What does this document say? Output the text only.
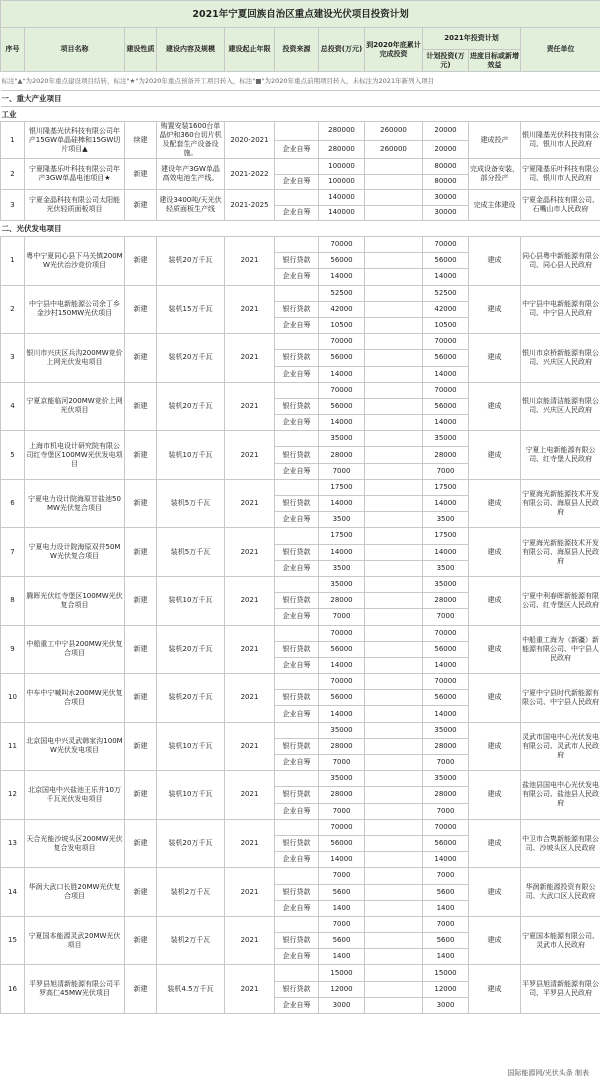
2021年宁夏回族自治区重点建设光伏项目投资计划										
序号	项目名称	建设性质	建设内容及规模	建设起止年限	投资来源	总投资(万元)	到2020年底累计完成投资	2021年投资计划		责任单位
								计划投资(万元)	进度目标或新增效益	
标注"▲"为2020年重点建设项目结转，标注"★"为2020年重点预备开工项目转入，标注"■"为2020年重点前期项目转入，未标注为2021年新列入项目										
一、重大产业项目										
工业										
1	银川隆基光伏科技有限公司年产15GW单晶硅棒和15GW切片项目▲	续建	购置安装1600台单晶炉和360台切片机及配套生产设备设施。	2020-2021		280000	260000	20000	建成投产	银川隆基光伏科技有限公司、银川市人民政府
					企业自筹	280000	260000	20000		
2	宁夏隆基乐叶科技有限公司年产3GW单晶电池项目★	新建	建设年产3GW单晶高效电池生产线。	2021-2022		100000		80000	完成设备安装，部分投产	宁夏隆基乐叶科技有限公司、银川市人民政府
					企业自筹	100000		80000		
3	宁夏金晶科技有限公司太阳能光伏轻质面板项目	新建	建设3400吨/天光伏轻质面板生产线	2021-2025		140000		30000	完成主体建设	宁夏金晶科技有限公司、石嘴山市人民政府
					企业自筹	140000		30000		
二、光伏发电项目										
1	粤中宁夏同心县下马关镇200MW光伏治沙竞价项目	新建	装机20万千瓦	2021		70000		70000	建成	同心县粤中新能源有限公司、同心县人民政府
					银行贷款	56000		56000		
					企业自筹	14000		14000		
2	中宁县中电新能源公司余丁乡金沙村150MW光伏项目	新建	装机15万千瓦	2021		52500		52500	建成	中宁县中电新能源有限公司、中宁县人民政府
					银行贷款	42000		42000		
					企业自筹	10500		10500		
3	银川市兴庆区兵沟200MW竞价上网光伏发电项目	新建	装机20万千瓦	2021		70000		70000	建成	银川市京桥新能源有限公司、兴庆区人民政府
					银行贷款	56000		56000		
					企业自筹	14000		14000		
4	宁夏京能临河200MW竞价上网光伏项目	新建	装机20万千瓦	2021		70000		70000	建成	银川京能清洁能源有限公司、兴庆区人民政府
					银行贷款	56000		56000		
					企业自筹	14000		14000		
5	上海市机电设计研究院有限公司红寺堡区100MW光伏发电项目	新建	装机10万千瓦	2021		35000		35000	建成	宁夏上电新能源有限公司、红寺堡人民政府
					银行贷款	28000		28000		
					企业自筹	7000		7000		
6	宁夏电力设计院海原甘盐池50MW光伏复合项目	新建	装机5万千瓦	2021		17500		17500	建成	宁夏海光新能源技术开发有限公司、海原县人民政府
					银行贷款	14000		14000		
					企业自筹	3500		3500		
7	宁夏电力设计院海原双井50MW光伏复合项目	新建	装机5万千瓦	2021		17500		17500	建成	宁夏海光新能源技术开发有限公司、海原县人民政府
					银行贷款	14000		14000		
					企业自筹	3500		3500		
8	腾晖光伏红寺堡区100MW光伏复合项目	新建	装机10万千瓦	2021		35000		35000	建成	宁夏中利春晖新能源有限公司、红寺堡区人民政府
					银行贷款	28000		28000		
					企业自筹	7000		7000		
9	中船重工中宁县200MW光伏复合项目	新建	装机20万千瓦	2021		70000		70000	建成	中船重工海为（新疆）新能源有限公司、中宁县人民政府
					银行贷款	56000		56000		
					企业自筹	14000		14000		
10	中车中宁喊叫水200MW光伏复合项目	新建	装机20万千瓦	2021		70000		70000	建成	宁夏中宁县时代新能源有限公司、中宁县人民政府
					银行贷款	56000		56000		
					企业自筹	14000		14000		
11	北京国电中兴灵武韩家沟100MW光伏发电项目	新建	装机10万千瓦	2021		35000		35000	建成	灵武市国电中心光伏发电有限公司、灵武市人民政府
					银行贷款	28000		28000		
					企业自筹	7000		7000		
12	北京国电中兴盐池王乐井10万千瓦光伏发电项目	新建	装机10万千瓦	2021		35000		35000	建成	盐池县国电中心光伏发电有限公司、盐池县人民政府
					银行贷款	28000		28000		
					企业自筹	7000		7000		
13	天合光能沙坡头区200MW光伏复合发电项目	新建	装机20万千瓦	2021		70000		70000	建成	中卫市合隽新能源有限公司、沙坡头区人民政府
					银行贷款	56000		56000		
					企业自筹	14000		14000		
14	华润大武口长胜20MW光伏复合项目	新建	装机2万千瓦	2021		7000		7000	建成	华润新能源投资有限公司、大武口区人民政府
					银行贷款	5600		5600		
					企业自筹	1400		1400		
15	宁夏国本能源灵武20MW光伏项目	新建	装机2万千瓦	2021		7000		7000	建成	宁夏国本能源有限公司、灵武市人民政府
					银行贷款	5600		5600		
					企业自筹	1400		1400		
16	平罗县旭清新能源有限公司平罗高仁45MW光伏项目	新建	装机4.5万千瓦	2021		15000		15000	建成	平罗县旭清新能源有限公司、平罗县人民政府
					银行贷款	12000		12000		
					企业自筹	3000		3000		
国际能源网/光伏头条 制表
